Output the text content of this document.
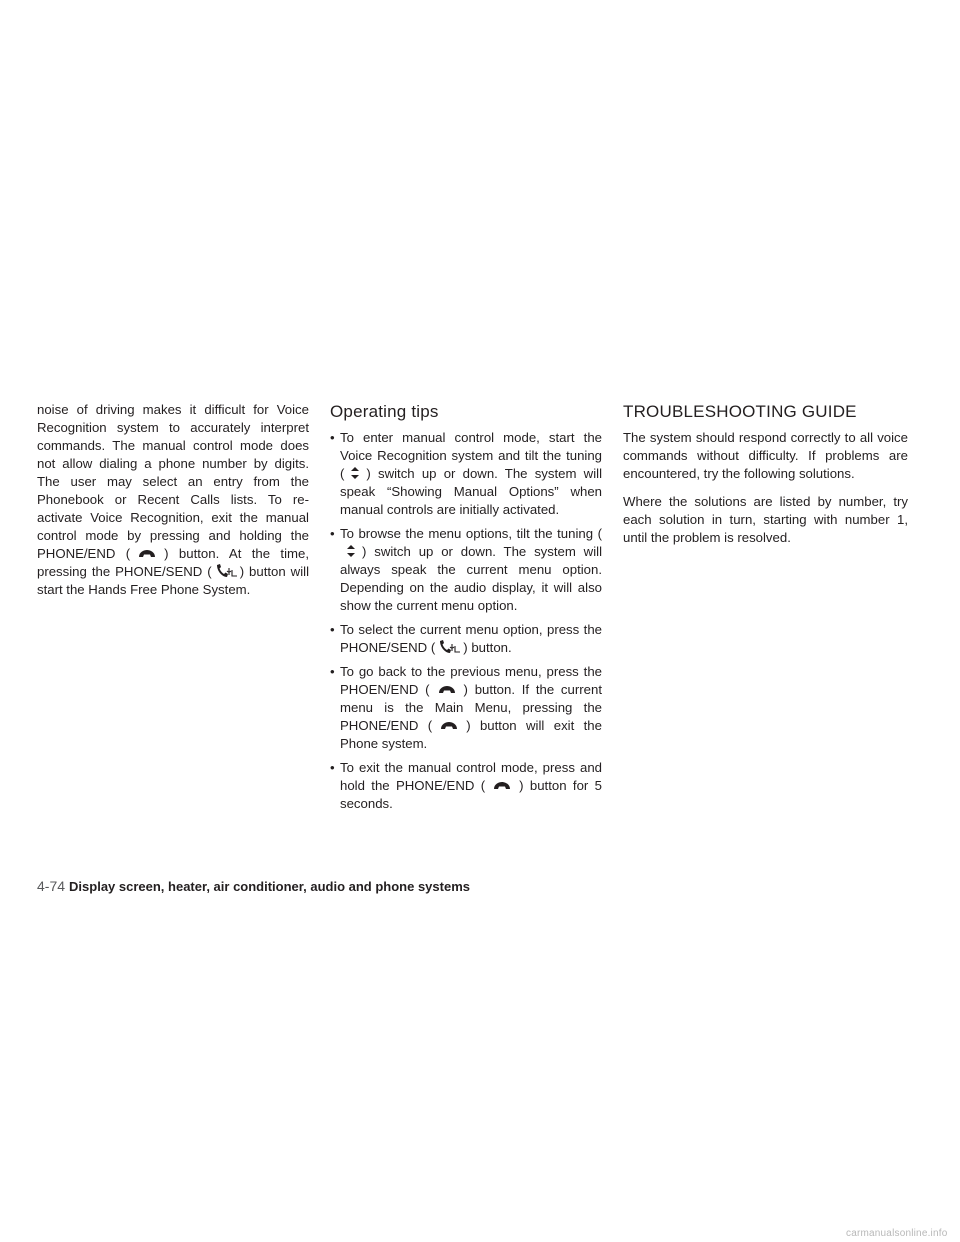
noise of driving makes it difficult for Voice Recognition system to accurately interpret commands. The manual control mode does not allow dialing a phone number by digits. The user may select an entry from the Phonebook or Recent Calls lists. To re-activate Voice Recognition, exit the manual control mode by pressing and holding the PHONE/END (	) button. At the time, pressing the PHONE/SEND ( ) button will start the Hands Free Phone System.

Operating tips
• To enter manual control mode, start the Voice Recognition system and tilt the tuning ( ) switch up or down. The system will speak “Showing Manual Options” when manual controls are initially activated.
• To browse the menu options, tilt the tuning (
) switch up or down. The system will always speak the current menu option. Depending on the audio display, it will also show the current menu option.
• To select the current menu option, press the PHONE/SEND ( ) button.
• To go back to the previous menu, press the PHOEN/END (	) button. If the current menu is the Main Menu, pressing the PHONE/END (	) button will exit the Phone system.
• To exit the manual control mode, press and hold the PHONE/END (	) button for 5 seconds.
TROUBLESHOOTING GUIDE

The system should respond correctly to all voice commands without difficulty. If problems are encountered, try the following solutions.

Where the solutions are listed by number, try each solution in turn, starting with number 1, until the problem is resolved.

4-74 Display screen, heater, air conditioner, audio and phone systems
carmanualsonline.info
